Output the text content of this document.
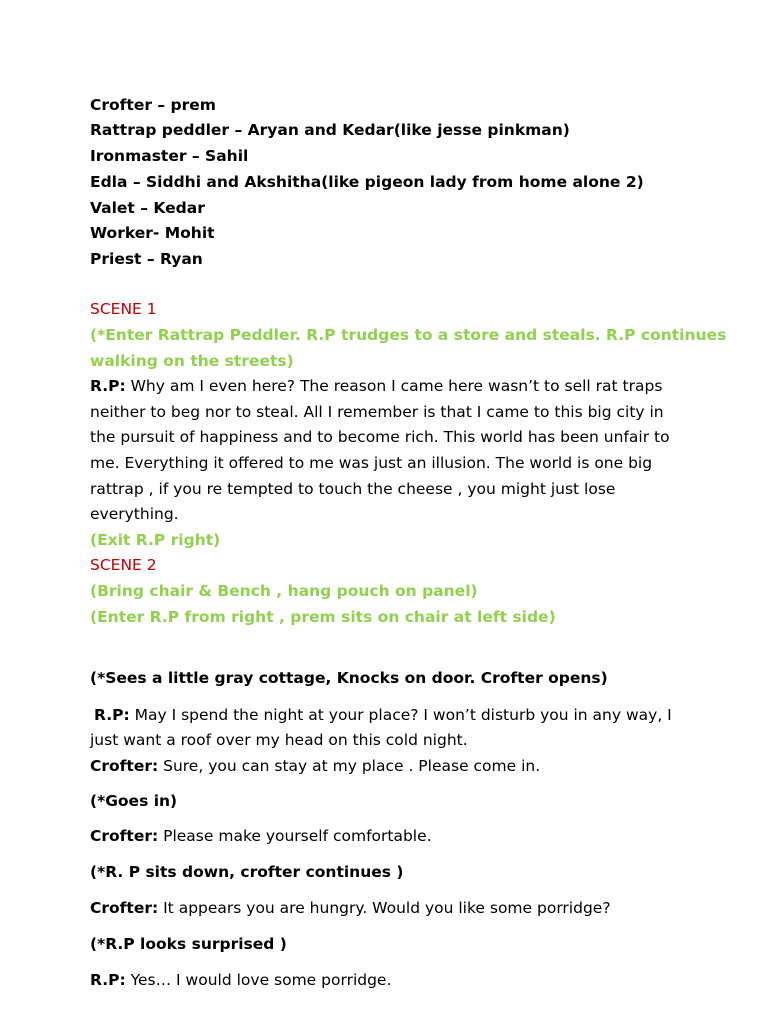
Crofter – prem
Rattrap peddler – Aryan and Kedar(like jesse pinkman)
Ironmaster – Sahil
Edla – Siddhi and Akshitha(like pigeon lady from home alone 2)
Valet – Kedar
Worker- Mohit
Priest – Ryan
SCENE 1
(*Enter Rattrap Peddler. R.P trudges to a store and steals. R.P continues
walking on the streets)
R.P: Why am I even here? The reason I came here wasn’t to sell rat traps
neither to beg nor to steal. All I remember is that I came to this big city in
the pursuit of happiness and to become rich. This world has been unfair to
me. Everything it offered to me was just an illusion. The world is one big
rattrap , if you re tempted to touch the cheese , you might just lose
everything.
(Exit R.P right)
SCENE 2
(Bring chair & Bench , hang pouch on panel)
(Enter R.P from right , prem sits on chair at left side)
(*Sees a little gray cottage, Knocks on door. Crofter opens)
R.P: May I spend the night at your place? I won’t disturb you in any way, I
just want a roof over my head on this cold night.
Crofter: Sure, you can stay at my place . Please come in.
(*Goes in)
Crofter: Please make yourself comfortable.
(*R. P sits down, crofter continues )
Crofter: It appears you are hungry. Would you like some porridge?
(*R.P looks surprised )
R.P: Yes… I would love some porridge.
